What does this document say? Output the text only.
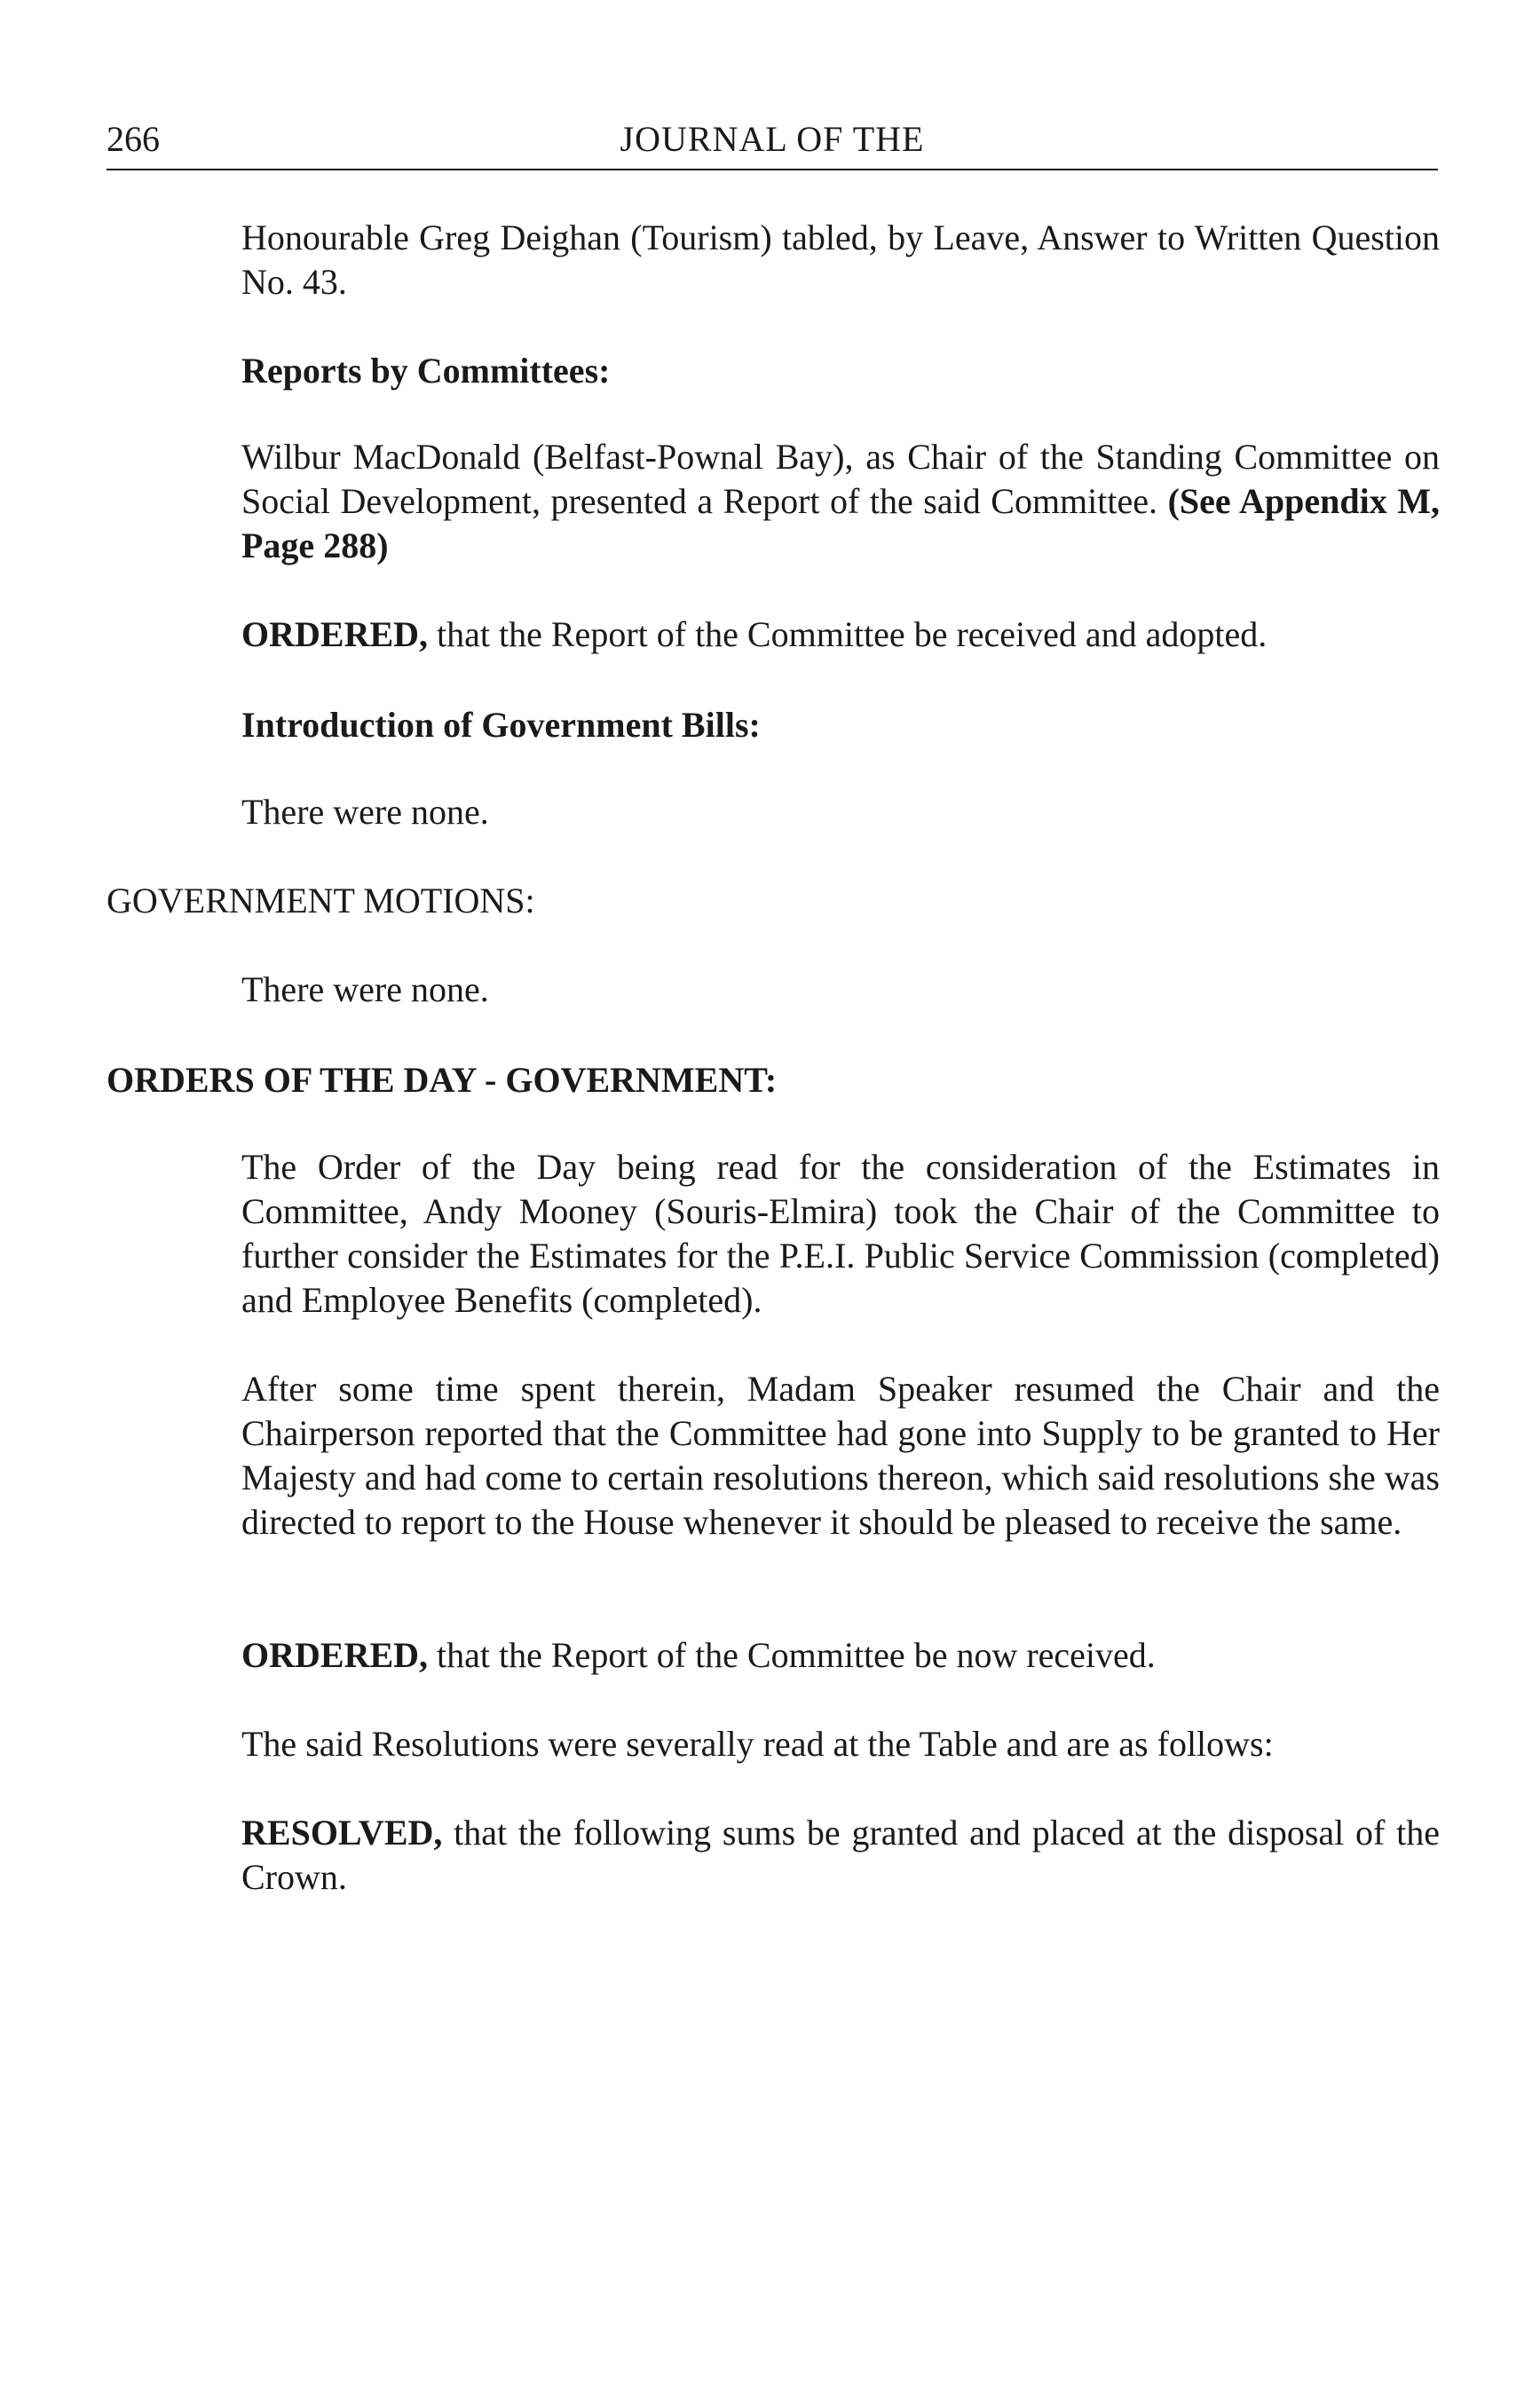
266	JOURNAL OF THE

Honourable Greg Deighan (Tourism) tabled, by Leave, Answer to Written Question No. 43.

Reports by Committees:

Wilbur MacDonald (Belfast-Pownal Bay), as Chair of the Standing Committee on Social Development, presented a Report of the said Committee. (See Appendix M, Page 288)

ORDERED, that the Report of the Committee be received and adopted.

Introduction of Government Bills:

There were none.

GOVERNMENT MOTIONS:

There were none.

ORDERS OF THE DAY - GOVERNMENT:

The Order of the Day being read for the consideration of the Estimates in Committee, Andy Mooney (Souris-Elmira) took the Chair of the Committee to further consider the Estimates for the P.E.I. Public Service Commission (completed) and Employee Benefits (completed).

After some time spent therein, Madam Speaker resumed the Chair and the Chairperson reported that the Committee had gone into Supply to be granted to Her Majesty and had come to certain resolutions thereon, which said resolutions she was directed to report to the House whenever it should be pleased to receive the same.

ORDERED, that the Report of the Committee be now received.

The said Resolutions were severally read at the Table and are as follows:

RESOLVED, that the following sums be granted and placed at the disposal of the Crown.
